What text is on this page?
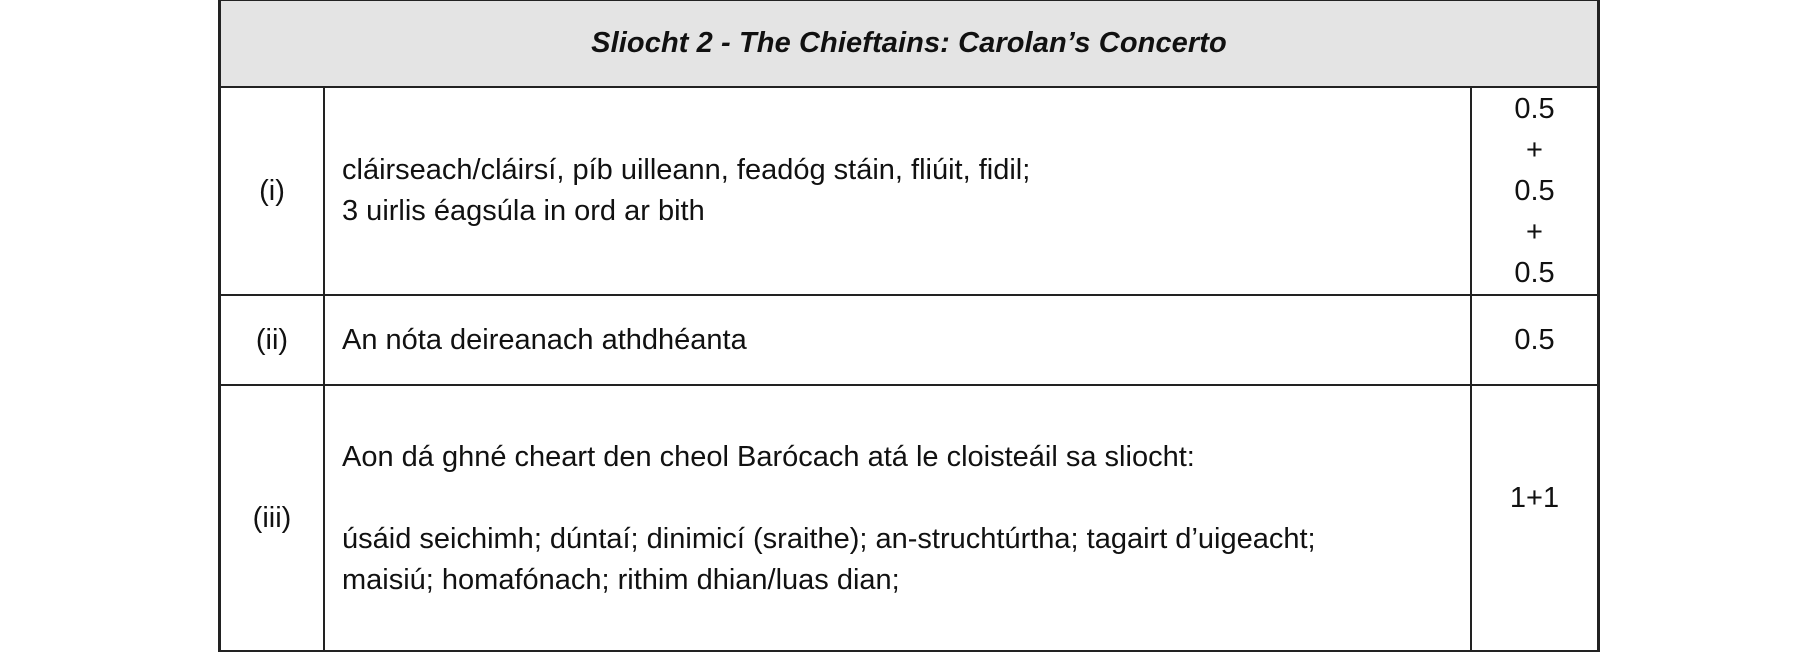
Sliocht 2 - The Chieftains: Carolan’s Concerto
(i)
cláirseach/cláirsí, píb uilleann, feadóg stáin, fliúit, fidil;
3 uirlis éagsúla in ord ar bith
0.5
+
0.5
+
0.5
(ii) An nóta deireanach athdhéanta	0.5
(iii)
Aon dá ghné cheart den cheol Barócach atá le cloisteáil sa sliocht:
úsáid seichimh; dúntaí; dinimicí (sraithe); an-struchtúrtha; tagairt d’uigeacht;
maisiú; homafónach; rithim dhian/luas dian;
1+1
